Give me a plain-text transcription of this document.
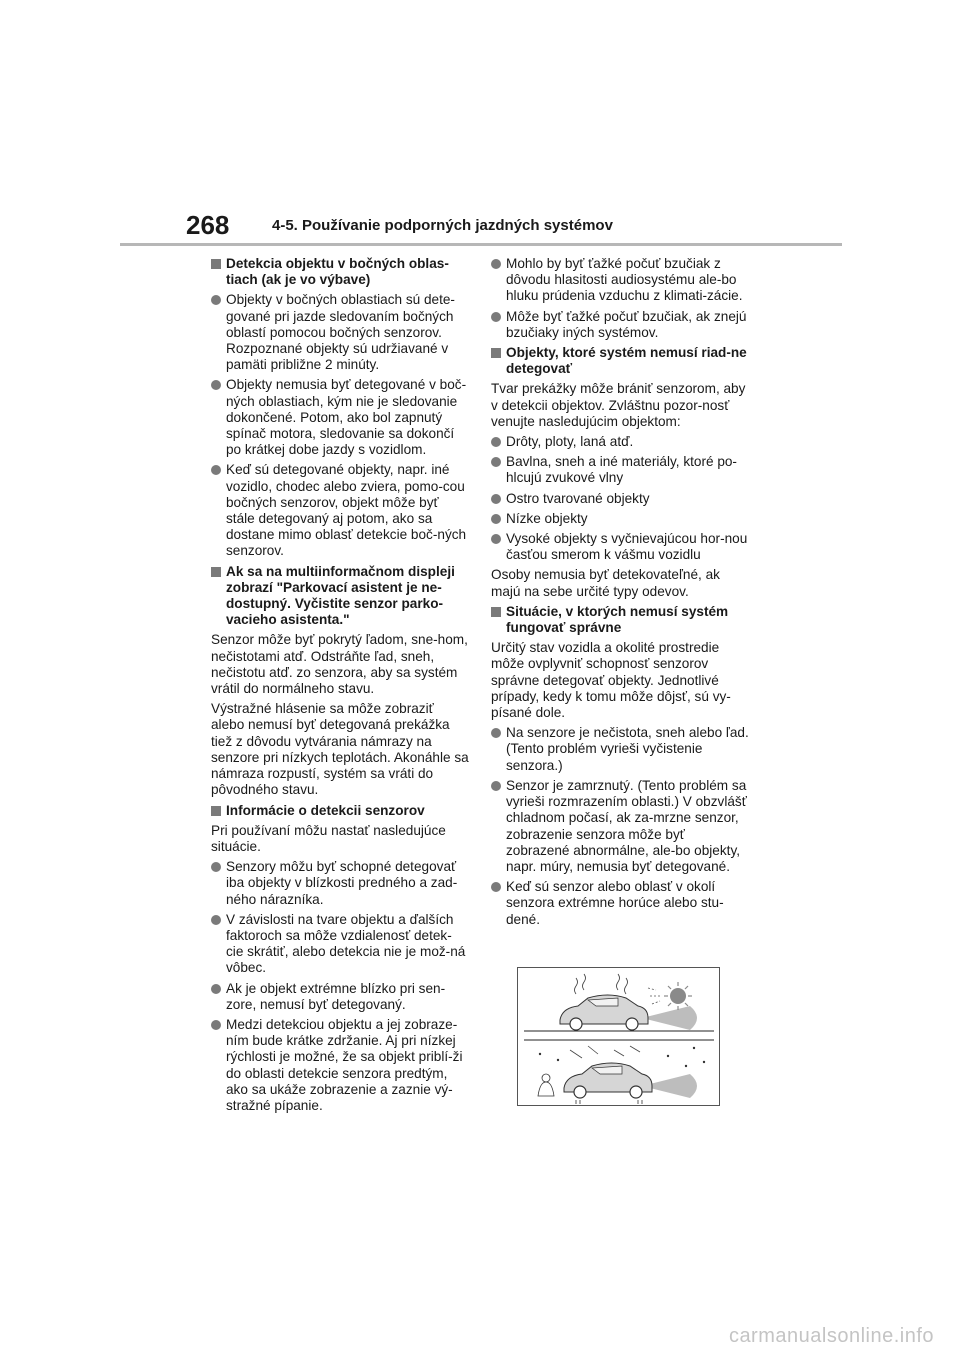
268	4-5. Používanie podporných jazdných systémov
Detekcia objektu v bočných oblas-tiach (ak je vo výbave)
Objekty v bočných oblastiach sú dete-gované pri jazde sledovaním bočných oblastí pomocou bočných senzorov. Rozpoznané objekty sú udržiavané v pamäti približne 2 minúty.
Objekty nemusia byť detegované v boč-ných oblastiach, kým nie je sledovanie dokončené. Potom, ako bol zapnutý spínač motora, sledovanie sa dokončí po krátkej dobe jazdy s vozidlom.
Keď sú detegované objekty, napr. iné vozidlo, chodec alebo zviera, pomo-cou bočných senzorov, objekt môže byť stále detegovaný aj potom, ako sa dostane mimo oblasť detekcie boč-ných senzorov.
Ak sa na multiinformačnom displeji zobrazí "Parkovací asistent je ne-dostupný. Vyčistite senzor parko-vacieho asistenta."
Senzor môže byť pokrytý ľadom, sne-hom, nečistotami atď. Odstráňte ľad, sneh, nečistotu atď. zo senzora, aby sa systém vrátil do normálneho stavu.
Výstražné hlásenie sa môže zobraziť alebo nemusí byť detegovaná prekážka tiež z dôvodu vytvárania námrazy na senzore pri nízkych teplotách. Akonáhle sa námraza rozpustí, systém sa vráti do pôvodného stavu.
Informácie o detekcii senzorov
Pri používaní môžu nastať nasledujúce situácie.
Senzory môžu byť schopné detegovať iba objekty v blízkosti predného a zad-ného nárazníka.
V závislosti na tvare objektu a ďalších faktoroch sa môže vzdialenosť detek-cie skrátiť, alebo detekcia nie je mož-ná vôbec.
Ak je objekt extrémne blízko pri sen-zore, nemusí byť detegovaný.
Medzi detekciou objektu a jej zobraze-ním bude krátke zdržanie. Aj pri nízkej rýchlosti je možné, že sa objekt priblí-ži do oblasti detekcie senzora predtým, ako sa ukáže zobrazenie a zaznie vý-stražné pípanie.
Mohlo by byť ťažké počuť bzučiak z dôvodu hlasitosti audiosystému ale-bo hluku prúdenia vzduchu z klimati-zácie.
Môže byť ťažké počuť bzučiak, ak znejú bzučiaky iných systémov.
Objekty, ktoré systém nemusí riad-ne detegovať
Tvar prekážky môže brániť senzorom, aby v detekcii objektov. Zvláštnu pozor-nosť venujte nasledujúcim objektom:
Drôty, ploty, laná atď.
Bavlna, sneh a iné materiály, ktoré po-hlcujú zvukové vlny
Ostro tvarované objekty
Nízke objekty
Vysoké objekty s vyčnievajúcou hor-nou časťou smerom k vášmu vozidlu
Osoby nemusia byť detekovateľné, ak majú na sebe určité typy odevov.
Situácie, v ktorých nemusí systém fungovať správne
Určitý stav vozidla a okolité prostredie môže ovplyvniť schopnosť senzorov správne detegovať objekty. Jednotlivé prípady, kedy k tomu môže dôjsť, sú vy-písané dole.
Na senzore je nečistota, sneh alebo ľad. (Tento problém vyrieši vyčistenie senzora.)
Senzor je zamrznutý. (Tento problém sa vyrieši rozmrazením oblasti.) V obzvlášť chladnom počasí, ak za-mrzne senzor, zobrazenie senzora môže byť zobrazené abnormálne, ale-bo objekty, napr. múry, nemusia byť detegované.
Keď sú senzor alebo oblasť v okolí senzora extrémne horúce alebo stu-dené.
carmanualsonline.info
